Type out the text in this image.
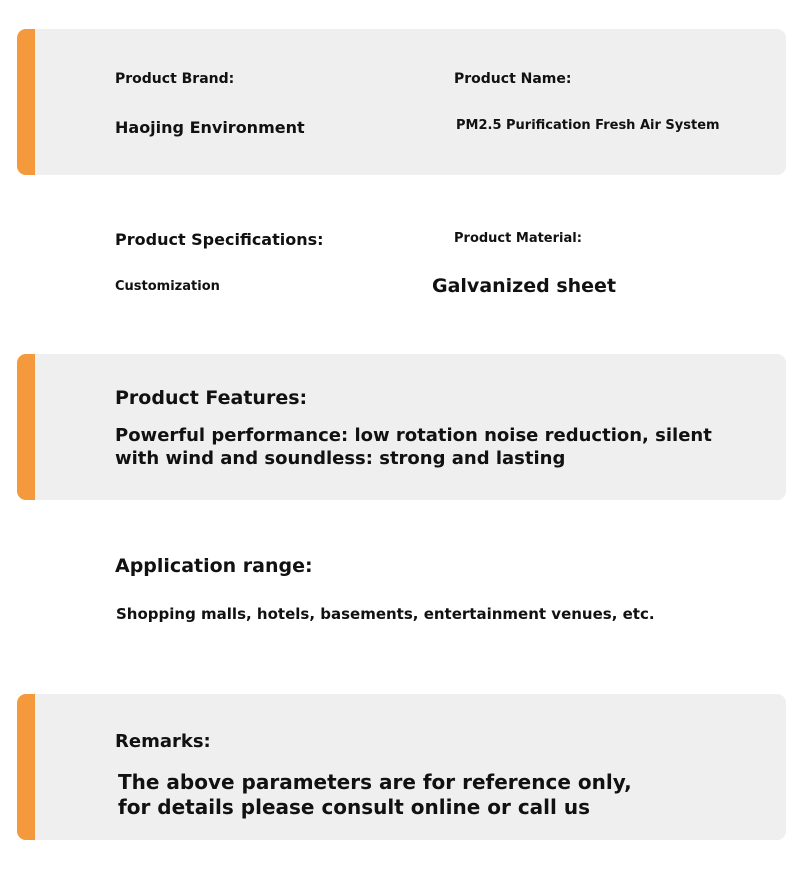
Product Brand:

Haojing Environment

Product Name:

PM2.5 Purification Fresh Air System

Product Specifications:

Customization

Product Material:

Galvanized sheet

Product Features:

Powerful performance: low rotation noise reduction, silent with wind and soundless: strong and lasting

Application range:

Shopping malls, hotels, basements, entertainment venues, etc.

Remarks:

The above parameters are for reference only, for details please consult online or call us
